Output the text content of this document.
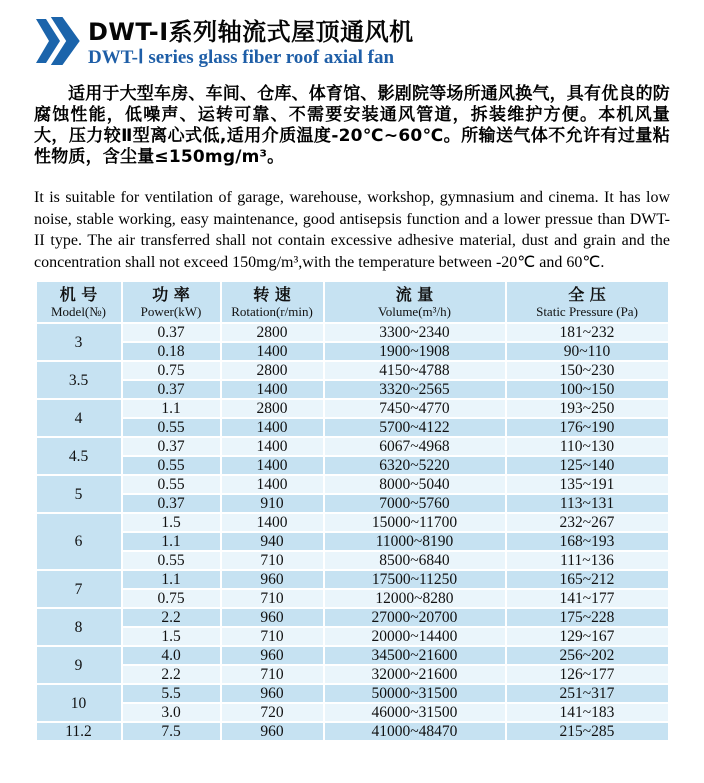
DWT-Ⅰ系列轴流式屋顶通风机
DWT-Ⅰ series glass fiber roof axial fan

适用于大型车房、车间、仓库、体育馆、影剧院等场所通风换气，具有优良的防腐蚀性能，低噪声、运转可靠、不需要安装通风管道，拆装维护方便。本机风量大，压力较Ⅱ型离心式低,适用介质温度-20℃~60℃。所输送气体不允许有过量粘性物质，含尘量≤150mg/m³。

It is suitable for ventilation of garage, warehouse, workshop, gymnasium and cinema. It has low noise, stable working, easy maintenance, good antisepsis function and a lower pressue than DWT-II type. The air transferred shall not contain excessive adhesive material, dust and grain and the concentration shall not exceed 150mg/m³,with the temperature between -20℃ and 60℃.

机 号
Model(№)

功 率
Power(kW)

转 速
Rotation(r/min)

流 量
Volume(m³/h)

全 压
Static Pressure (Pa)

3	0.37	2800	3300~2340	181~232
	0.18	1400	1900~1908	90~110
3.5	0.75	2800	4150~4788	150~230
	0.37	1400	3320~2565	100~150
4	1.1	2800	7450~4770	193~250
	0.55	1400	5700~4122	176~190
4.5	0.37	1400	6067~4968	110~130
	0.55	1400	6320~5220	125~140
5	0.55	1400	8000~5040	135~191
	0.37	910	7000~5760	113~131
6	1.5	1400	15000~11700	232~267
	1.1	940	11000~8190	168~193
	0.55	710	8500~6840	111~136
7	1.1	960	17500~11250	165~212
	0.75	710	12000~8280	141~177
8	2.2	960	27000~20700	175~228
	1.5	710	20000~14400	129~167
9	4.0	960	34500~21600	256~202
	2.2	710	32000~21600	126~177
10	5.5	960	50000~31500	251~317
	3.0	720	46000~31500	141~183
11.2	7.5	960	41000~48470	215~285
